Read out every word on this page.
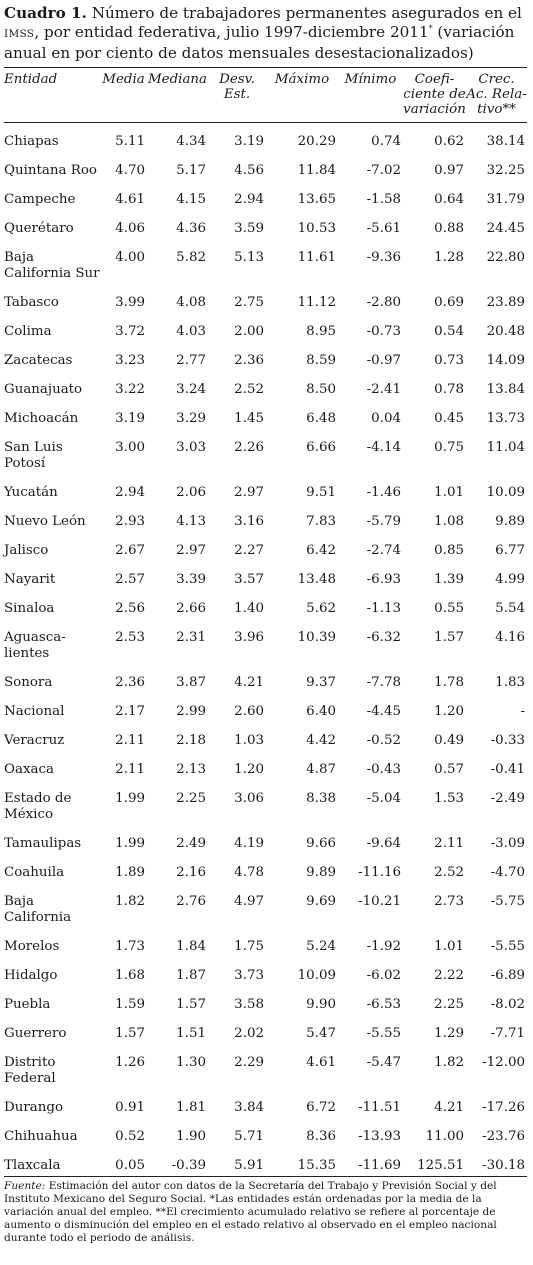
Cuadro 1. Número de trabajadores permanentes asegurados en el IMSS, por entidad federativa, julio 1997-diciembre 2011* (variación anual en por ciento de datos mensuales desestacionalizados)
Entidad	Media	Mediana	Desv. Est.	Máximo	Mínimo	Coefi-ciente de variación	Crec. Ac. Rela-tivo**
Chiapas	5.11	4.34	3.19	20.29	0.74	0.62	38.14
Quintana Roo	4.70	5.17	4.56	11.84	-7.02	0.97	32.25
Campeche	4.61	4.15	2.94	13.65	-1.58	0.64	31.79
Querétaro	4.06	4.36	3.59	10.53	-5.61	0.88	24.45
Baja California Sur	4.00	5.82	5.13	11.61	-9.36	1.28	22.80
Tabasco	3.99	4.08	2.75	11.12	-2.80	0.69	23.89
Colima	3.72	4.03	2.00	8.95	-0.73	0.54	20.48
Zacatecas	3.23	2.77	2.36	8.59	-0.97	0.73	14.09
Guanajuato	3.22	3.24	2.52	8.50	-2.41	0.78	13.84
Michoacán	3.19	3.29	1.45	6.48	0.04	0.45	13.73
San Luis Potosí	3.00	3.03	2.26	6.66	-4.14	0.75	11.04
Yucatán	2.94	2.06	2.97	9.51	-1.46	1.01	10.09
Nuevo León	2.93	4.13	3.16	7.83	-5.79	1.08	9.89
Jalisco	2.67	2.97	2.27	6.42	-2.74	0.85	6.77
Nayarit	2.57	3.39	3.57	13.48	-6.93	1.39	4.99
Sinaloa	2.56	2.66	1.40	5.62	-1.13	0.55	5.54
Aguasca-lientes	2.53	2.31	3.96	10.39	-6.32	1.57	4.16
Sonora	2.36	3.87	4.21	9.37	-7.78	1.78	1.83
Nacional	2.17	2.99	2.60	6.40	-4.45	1.20	-
Veracruz	2.11	2.18	1.03	4.42	-0.52	0.49	-0.33
Oaxaca	2.11	2.13	1.20	4.87	-0.43	0.57	-0.41
Estado de México	1.99	2.25	3.06	8.38	-5.04	1.53	-2.49
Tamaulipas	1.99	2.49	4.19	9.66	-9.64	2.11	-3.09
Coahuila	1.89	2.16	4.78	9.89	-11.16	2.52	-4.70
Baja California	1.82	2.76	4.97	9.69	-10.21	2.73	-5.75
Morelos	1.73	1.84	1.75	5.24	-1.92	1.01	-5.55
Hidalgo	1.68	1.87	3.73	10.09	-6.02	2.22	-6.89
Puebla	1.59	1.57	3.58	9.90	-6.53	2.25	-8.02
Guerrero	1.57	1.51	2.02	5.47	-5.55	1.29	-7.71
Distrito Federal	1.26	1.30	2.29	4.61	-5.47	1.82	-12.00
Durango	0.91	1.81	3.84	6.72	-11.51	4.21	-17.26
Chihuahua	0.52	1.90	5.71	8.36	-13.93	11.00	-23.76
Tlaxcala	0.05	-0.39	5.91	15.35	-11.69	125.51	-30.18
Fuente: Estimación del autor con datos de la Secretaría del Trabajo y Previsión Social y del Instituto Mexicano del Seguro Social. *Las entidades están ordenadas por la media de la variación anual del empleo. **El crecimiento acumulado relativo se refiere al porcentaje de aumento o disminución del empleo en el estado relativo al observado en el empleo nacional durante todo el periodo de análisis.
